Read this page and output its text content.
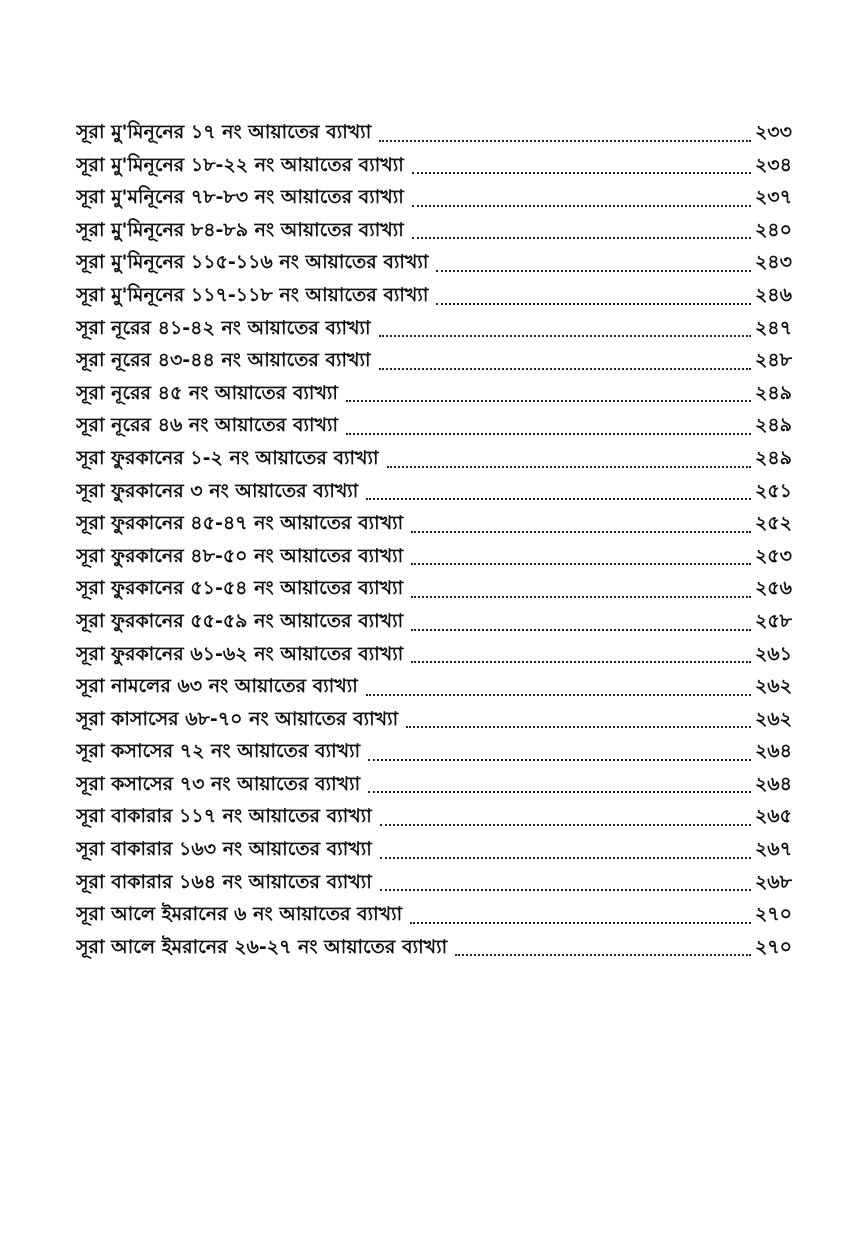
সূরা মু'মিনূনের ১৭ নং আয়াতের ব্যাখ্যা	২৩৩
সূরা মু'মিনূনের ১৮-২২ নং আয়াতের ব্যাখ্যা	২৩৪
সূরা মু'মনিূনের ৭৮-৮৩ নং আয়াতের ব্যাখ্যা	২৩৭
সূরা মু'মিনূনের ৮৪-৮৯ নং আয়াতের ব্যাখ্যা	২৪০
সূরা মু'মিনূনের ১১৫-১১৬ নং আয়াতের ব্যাখ্যা	২৪৩
সূরা মু'মিনূনের ১১৭-১১৮ নং আয়াতের ব্যাখ্যা	২৪৬
সূরা নূরের ৪১-৪২ নং আয়াতের ব্যাখ্যা	২৪৭
সূরা নূরের ৪৩-৪৪ নং আয়াতের ব্যাখ্যা	২৪৮
সূরা নূরের ৪৫ নং আয়াতের ব্যাখ্যা	২৪৯
সূরা নূরের ৪৬ নং আয়াতের ব্যাখ্যা	২৪৯
সূরা ফুরকানের ১-২ নং আয়াতের ব্যাখ্যা	২৪৯
সূরা ফুরকানের ৩ নং আয়াতের ব্যাখ্যা	২৫১
সূরা ফুরকানের ৪৫-৪৭ নং আয়াতের ব্যাখ্যা	২৫২
সূরা ফুরকানের ৪৮-৫০ নং আয়াতের ব্যাখ্যা	২৫৩
সূরা ফুরকানের ৫১-৫৪ নং আয়াতের ব্যাখ্যা	২৫৬
সূরা ফুরকানের ৫৫-৫৯ নং আয়াতের ব্যাখ্যা	২৫৮
সূরা ফুরকানের ৬১-৬২ নং আয়াতের ব্যাখ্যা	২৬১
সূরা নামলের ৬৩ নং আয়াতের ব্যাখ্যা	২৬২
সূরা কাসাসের ৬৮-৭০ নং আয়াতের ব্যাখ্যা	২৬২
সূরা কসাসের ৭২ নং আয়াতের ব্যাখ্যা	২৬৪
সূরা কসাসের ৭৩ নং আয়াতের ব্যাখ্যা	২৬৪
সূরা বাকারার ১১৭ নং আয়াতের ব্যাখ্যা	২৬৫
সূরা বাকারার ১৬৩ নং আয়াতের ব্যাখ্যা	২৬৭
সূরা বাকারার ১৬৪ নং আয়াতের ব্যাখ্যা	২৬৮
সূরা আলে ইমরানের ৬ নং আয়াতের ব্যাখ্যা	২৭০
সূরা আলে ইমরানের ২৬-২৭ নং আয়াতের ব্যাখ্যা	২৭০
